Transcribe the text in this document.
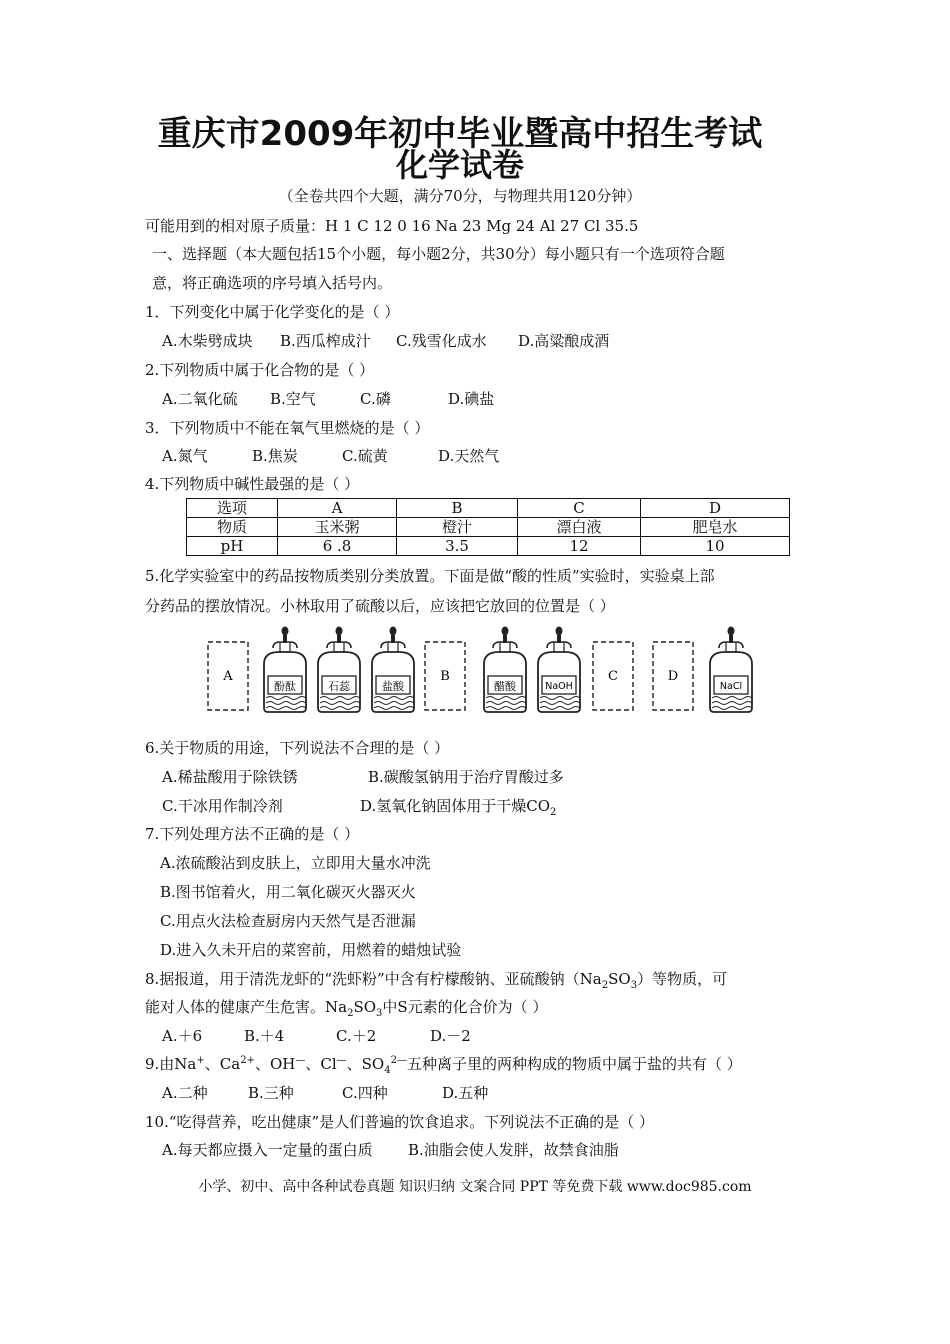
重庆市2009年初中毕业暨高中招生考试
化学试卷
（全卷共四个大题，满分70分，与物理共用120分钟）
可能用到的相对原子质量：H 1 C 12 0 16 Na 23 Mg 24 Al 27 Cl 35.5
一、选择题（本大题包括15个小题，每小题2分，共30分）每小题只有一个选项符合题
意，将正确选项的序号填入括号内。
1．下列变化中属于化学变化的是（ ）
A.木柴劈成块 B.西瓜榨成汁 C.残雪化成水 D.高粱酿成酒
2.下列物质中属于化合物的是（ ）
A.二氧化硫 B.空气	C.磷	D.碘盐
3．下列物质中不能在氧气里燃烧的是（ ）
A.氮气	B.焦炭	C.硫黄	D.天然气
4.下列物质中碱性最强的是（ ）
选项	A	B	C	D
物质	玉米粥	橙汁	漂白液	肥皂水
pH	6 .8	3.5	12	10
5.化学实验室中的药品按物质类别分类放置。下面是做“酸的性质”实验时，实验桌上部
分药品的摆放情况。小林取用了硫酸以后，应该把它放回的位置是（ ）
A
酚酞	石蕊	盐酸
B
醋酸	NaOH
C	D
NaCl
6.关于物质的用途，下列说法不合理的是（ ）
A.稀盐酸用于除铁锈	B.碳酸氢钠用于治疗胃酸过多
C.干冰用作制冷剂	D.氢氧化钠固体用于干燥$CO_2$
7.下列处理方法不正确的是（ ）
A.浓硫酸沾到皮肤上，立即用大量水冲洗
B.图书馆着火，用二氧化碳灭火器灭火
C.用点火法检查厨房内天然气是否泄漏
D.进入久未开启的菜窖前，用燃着的蜡烛试验
8.据报道，用于清洗龙虾的“洗虾粉”中含有柠檬酸钠、亚硫酸钠$(Na_2SO_3)$等物质，可
能对人体的健康产生危害。$Na_2SO_3$中S元素的化合价为（ ）
A.＋6	B.＋4	C.＋2	D.－2
9.由Na+、$Ca^{2+}$、OH—、Cl—、$SO_4^{2—}$五种离子里的两种构成的物质中属于盐的共有（ ）
A.二种	B.三种	C.四种	D.五种
10.“吃得营养，吃出健康”是人们普遍的饮食追求。下列说法不正确的是（ ）
A.每天都应摄入一定量的蛋白质 B.油脂会使人发胖，故禁食油脂
小学、初中、高中各种试卷真题 知识归纳 文案合同 PPT 等免费下载 www.doc985.com
